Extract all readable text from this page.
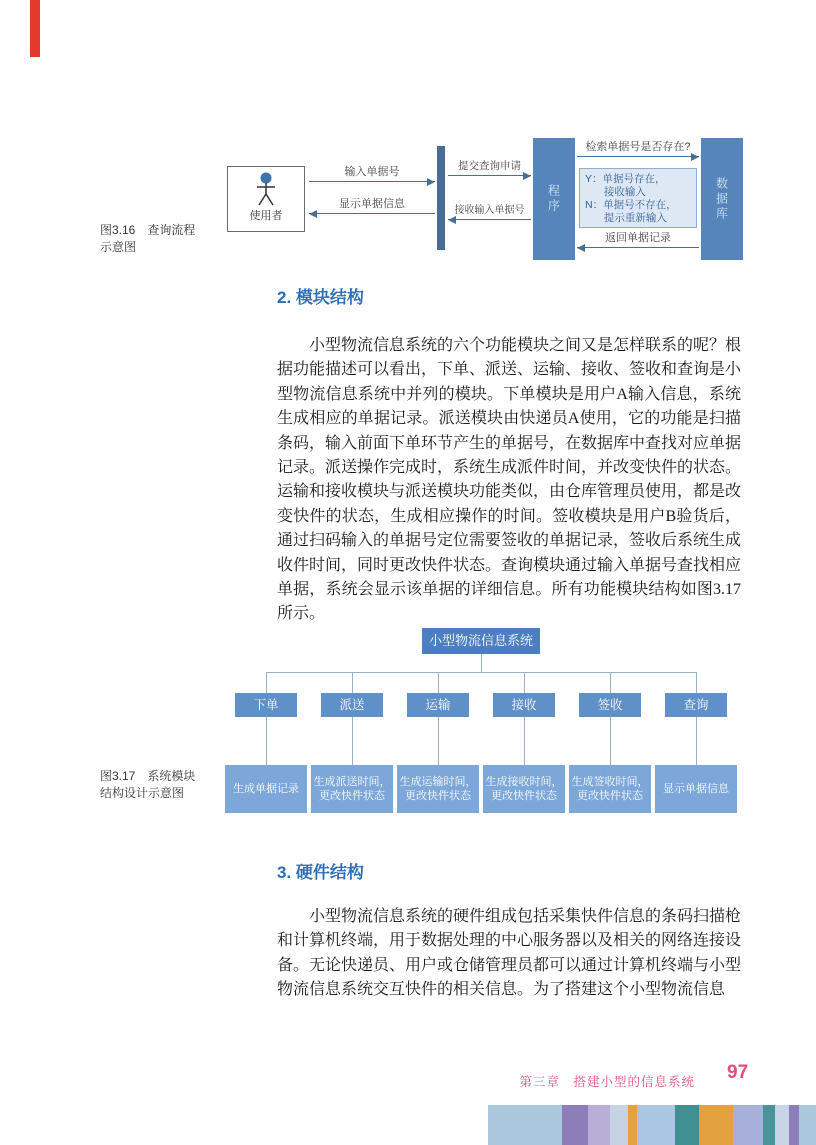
使用者
程序	数据库
输入单据号
显示单据信息
提交查询申请
接收输入单据号
检索单据号是否存在?
Y：单据号存在，
接收输入
N：单据号不存在，
提示重新输入
返回单据记录
图3.16　查询流程
示意图
2. 模块结构
小型物流信息系统的六个功能模块之间又是怎样联系的呢？根据功能描述可以看出，下单、派送、运输、接收、签收和查询是小型物流信息系统中并列的模块。下单模块是用户A输入信息，系统生成相应的单据记录。派送模块由快递员A使用，它的功能是扫描条码，输入前面下单环节产生的单据号，在数据库中查找对应单据记录。派送操作完成时，系统生成派件时间，并改变快件的状态。运输和接收模块与派送模块功能类似，由仓库管理员使用，都是改变快件的状态，生成相应操作的时间。签收模块是用户B验货后，通过扫码输入的单据号定位需要签收的单据记录，签收后系统生成收件时间，同时更改快件状态。查询模块通过输入单据号查找相应单据，系统会显示该单据的详细信息。所有功能模块结构如图3.17所示。
小型物流信息系统
下单	派送	运输	接收	签收	查询
生成单据记录
生成派送时间，更改快件状态
生成运输时间，更改快件状态
生成接收时间，更改快件状态
生成签收时间，更改快件状态
显示单据信息
图3.17　系统模块
结构设计示意图
3. 硬件结构
小型物流信息系统的硬件组成包括采集快件信息的条码扫描枪和计算机终端，用于数据处理的中心服务器以及相关的网络连接设备。无论快递员、用户或仓储管理员都可以通过计算机终端与小型物流信息系统交互快件的相关信息。为了搭建这个小型物流信息
第三章　搭建小型的信息系统 97
